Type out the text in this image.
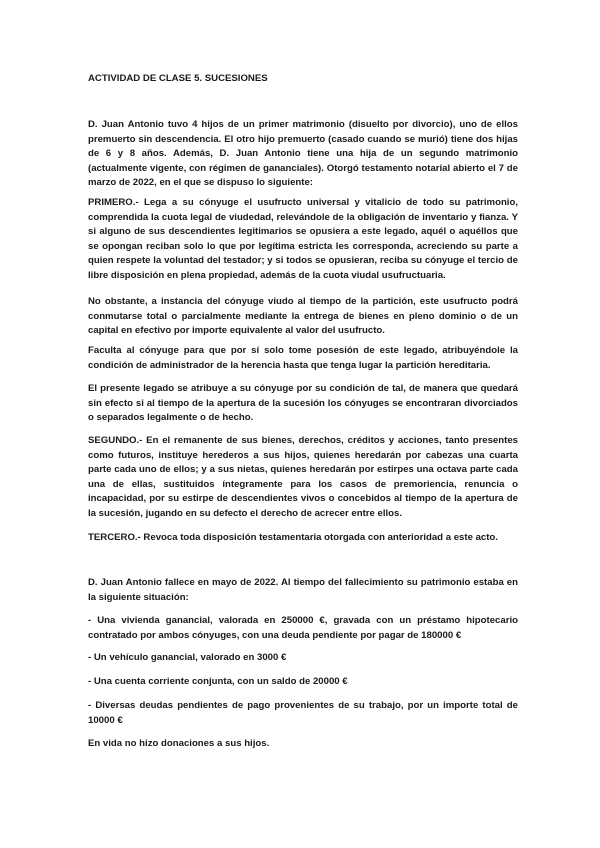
ACTIVIDAD DE CLASE 5. SUCESIONES

D. Juan Antonio tuvo 4 hijos de un primer matrimonio (disuelto por divorcio), uno de ellos premuerto sin descendencia. El otro hijo premuerto (casado cuando se murió) tiene dos hijas de 6 y 8 años. Además, D. Juan Antonio tiene una hija de un segundo matrimonio (actualmente vigente, con régimen de gananciales). Otorgó testamento notarial abierto el 7 de marzo de 2022, en el que se dispuso lo siguiente:

PRIMERO.- Lega a su cónyuge el usufructo universal y vitalicio de todo su patrimonio, comprendida la cuota legal de viudedad, relevándole de la obligación de inventario y fianza. Y si alguno de sus descendientes legitimarios se opusiera a este legado, aquél o aquéllos que se opongan reciban solo lo que por legítima estricta les corresponda, acreciendo su parte a quien respete la voluntad del testador; y si todos se opusieran, reciba su cónyuge el tercio de libre disposición en plena propiedad, además de la cuota viudal usufructuaria.

No obstante, a instancia del cónyuge viudo al tiempo de la partición, este usufructo podrá conmutarse total o parcialmente mediante la entrega de bienes en pleno dominio o de un capital en efectivo por importe equivalente al valor del usufructo.

Faculta al cónyuge para que por sí solo tome posesión de este legado, atribuyéndole la condición de administrador de la herencia hasta que tenga lugar la partición hereditaria.

El presente legado se atribuye a su cónyuge por su condición de tal, de manera que quedará sin efecto si al tiempo de la apertura de la sucesión los cónyuges se encontraran divorciados o separados legalmente o de hecho.

SEGUNDO.- En el remanente de sus bienes, derechos, créditos y acciones, tanto presentes como futuros, instituye herederos a sus hijos, quienes heredarán por cabezas una cuarta parte cada uno de ellos; y a sus nietas, quienes heredarán por estirpes una octava parte cada una de ellas, sustituidos íntegramente para los casos de premoriencia, renuncia o incapacidad, por su estirpe de descendientes vivos o concebidos al tiempo de la apertura de la sucesión, jugando en su defecto el derecho de acrecer entre ellos.

TERCERO.- Revoca toda disposición testamentaria otorgada con anterioridad a este acto.

D. Juan Antonio fallece en mayo de 2022. Al tiempo del fallecimiento su patrimonio estaba en la siguiente situación:

- Una vivienda ganancial, valorada en 250000 €, gravada con un préstamo hipotecario contratado por ambos cónyuges, con una deuda pendiente por pagar de 180000 €

- Un vehículo ganancial, valorado en 3000 €

- Una cuenta corriente conjunta, con un saldo de 20000 €

- Diversas deudas pendientes de pago provenientes de su trabajo, por un importe total de 10000 €

En vida no hizo donaciones a sus hijos.
